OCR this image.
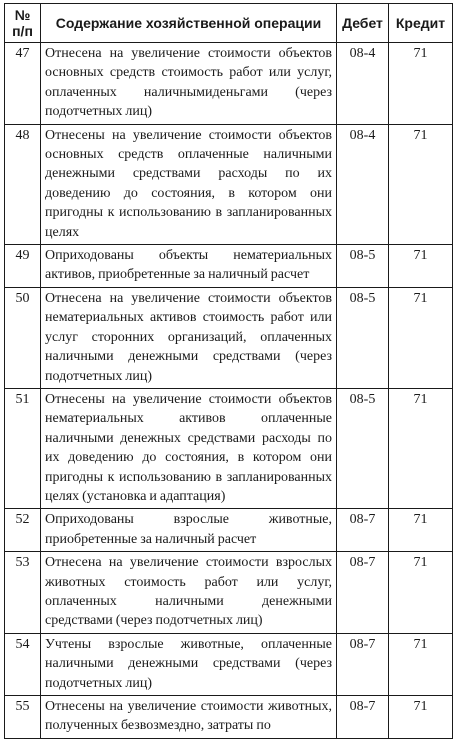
№ п/п	Содержание хозяйственной операции	Дебет	Кредит
47	Отнесена на увеличение стоимости объектов основных средств стоимость работ или услуг, оплаченных наличнымиденьгами (через подотчетных лиц)	08-4	71
48	Отнесены на увеличение стоимости объектов основных средств оплаченные наличными денежными средствами расходы по их доведению до состояния, в котором они пригодны к использованию в запланированных целях	08-4	71
49	Оприходованы объекты нематериальных активов, приобретенные за наличный расчет	08-5	71
50	Отнесена на увеличение стоимости объектов нематериальных активов стоимость работ или услуг сторонних организаций, оплаченных наличными денежными средствами (через подотчетных лиц)	08-5	71
51	Отнесены на увеличение стоимости объектов нематериальных активов оплаченные наличными денежных средствами расходы по их доведению до состояния, в котором они пригодны к использованию в запланированных целях (установка и адаптация)	08-5	71
52	Оприходованы взрослые животные, приобретенные за наличный расчет	08-7	71
53	Отнесена на увеличение стоимости взрослых животных стоимость работ или услуг, оплаченных наличными денежными средствами (через подотчетных лиц)	08-7	71
54	Учтены взрослые животные, оплаченные наличными денежными средствами (через подотчетных лиц)	08-7	71
55	Отнесены на увеличение стоимости животных, полученных безвозмездно, затраты по	08-7	71
